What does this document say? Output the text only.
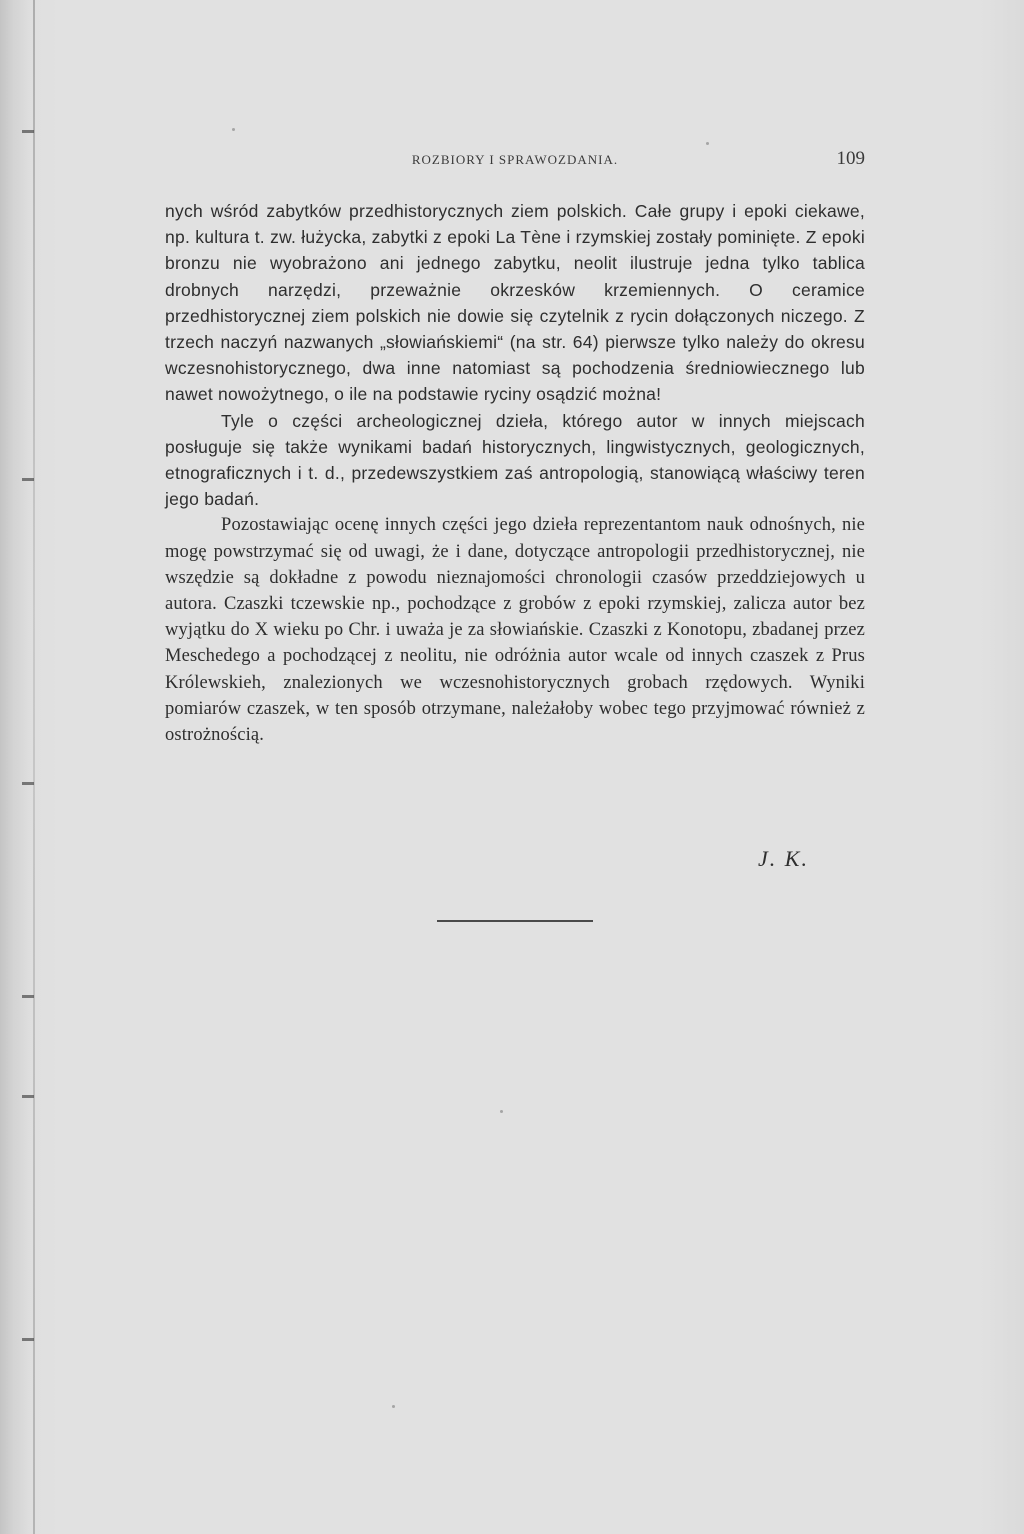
ROZBIORY I SPRAWOZDANIA.	109

nych wśród zabytków przedhistorycznych ziem polskich. Całe grupy i epoki ciekawe, np. kultura t. zw. łużycka, zabytki z epoki La Tène i rzymskiej zostały pominięte. Z epoki bronzu nie wyobrażono ani jednego zabytku, neolit ilustruje jedna tylko tablica drobnych narzędzi, przeważnie okrzesków krzemiennych. O ceramice przedhistorycznej ziem polskich nie dowie się czytelnik z rycin dołączonych niczego. Z trzech naczyń nazwanych „słowiańskiemi“ (na str. 64) pierwsze tylko należy do okresu wczesnohistorycznego, dwa inne natomiast są pochodzenia średniowiecznego lub nawet nowożytnego, o ile na podstawie ryciny osądzić można!

Tyle o części archeologicznej dzieła, którego autor w innych miejscach posługuje się także wynikami badań historycznych, lingwistycznych, geologicznych, etnograficznych i t. d., przedewszystkiem zaś antropologią, stanowiącą właściwy teren jego badań.

Pozostawiając ocenę innych części jego dzieła reprezentantom nauk odnośnych, nie mogę powstrzymać się od uwagi, że i dane, dotyczące antropologii przedhistorycznej, nie wszędzie są dokładne z powodu nieznajomości chronologii czasów przeddziejowych u autora. Czaszki tczewskie np., pochodzące z grobów z epoki rzymskiej, zalicza autor bez wyjątku do X wieku po Chr. i uważa je za słowiańskie. Czaszki z Konotopu, zbadanej przez Meschedego a pochodzącej z neolitu, nie odróżnia autor wcale od innych czaszek z Prus Królewskieh, znalezionych we wczesnohistorycznych grobach rzędowych. Wyniki pomiarów czaszek, w ten sposób otrzymane, należałoby wobec tego przyjmować również z ostrożnością.

J. K.
